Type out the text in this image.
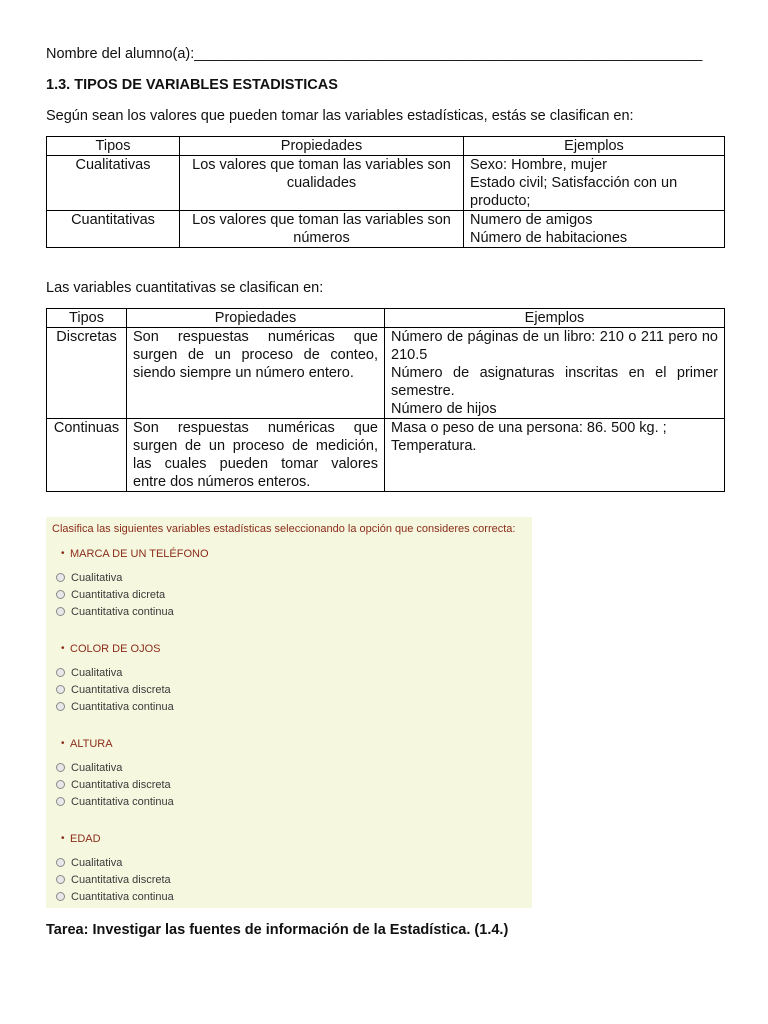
Nombre del alumno(a):_______________________________________________________________
1.3. TIPOS DE VARIABLES ESTADISTICAS
Según sean los valores que pueden tomar las variables estadísticas, estás se clasifican en:
Tipos	Propiedades	Ejemplos
Cualitativas	Los valores que toman las variables son cualidades	Sexo: Hombre, mujer
Estado civil; Satisfacción con un producto;

Cuantitativas	Los valores que toman las variables son números	Numero de amigos
Número de habitaciones
Las variables cuantitativas se clasifican en:
Tipos	Propiedades	Ejemplos
Discretas	Son respuestas numéricas que surgen de un proceso de conteo, siendo siempre un número entero.	Número de páginas de un libro: 210 o 211 pero no 210.5
Número de asignaturas inscritas en el primer semestre.
Número de hijos

Continuas	Son respuestas numéricas que surgen de un proceso de medición, las cuales pueden tomar valores entre dos números enteros.	Masa o peso de una persona: 86. 500 kg. ;
Temperatura.
Clasifica las siguientes variables estadísticas seleccionando la opción que consideres correcta:
• MARCA DE UN TELÉFONO
Cualitativa
Cuantitativa dicreta
Cuantitativa continua
• COLOR DE OJOS
Cualitativa
Cuantitativa discreta
Cuantitativa continua
• ALTURA
Cualitativa
Cuantitativa discreta
Cuantitativa continua
• EDAD
Cualitativa
Cuantitativa discreta
Cuantitativa continua
Tarea: Investigar las fuentes de información de la Estadística. (1.4.)
